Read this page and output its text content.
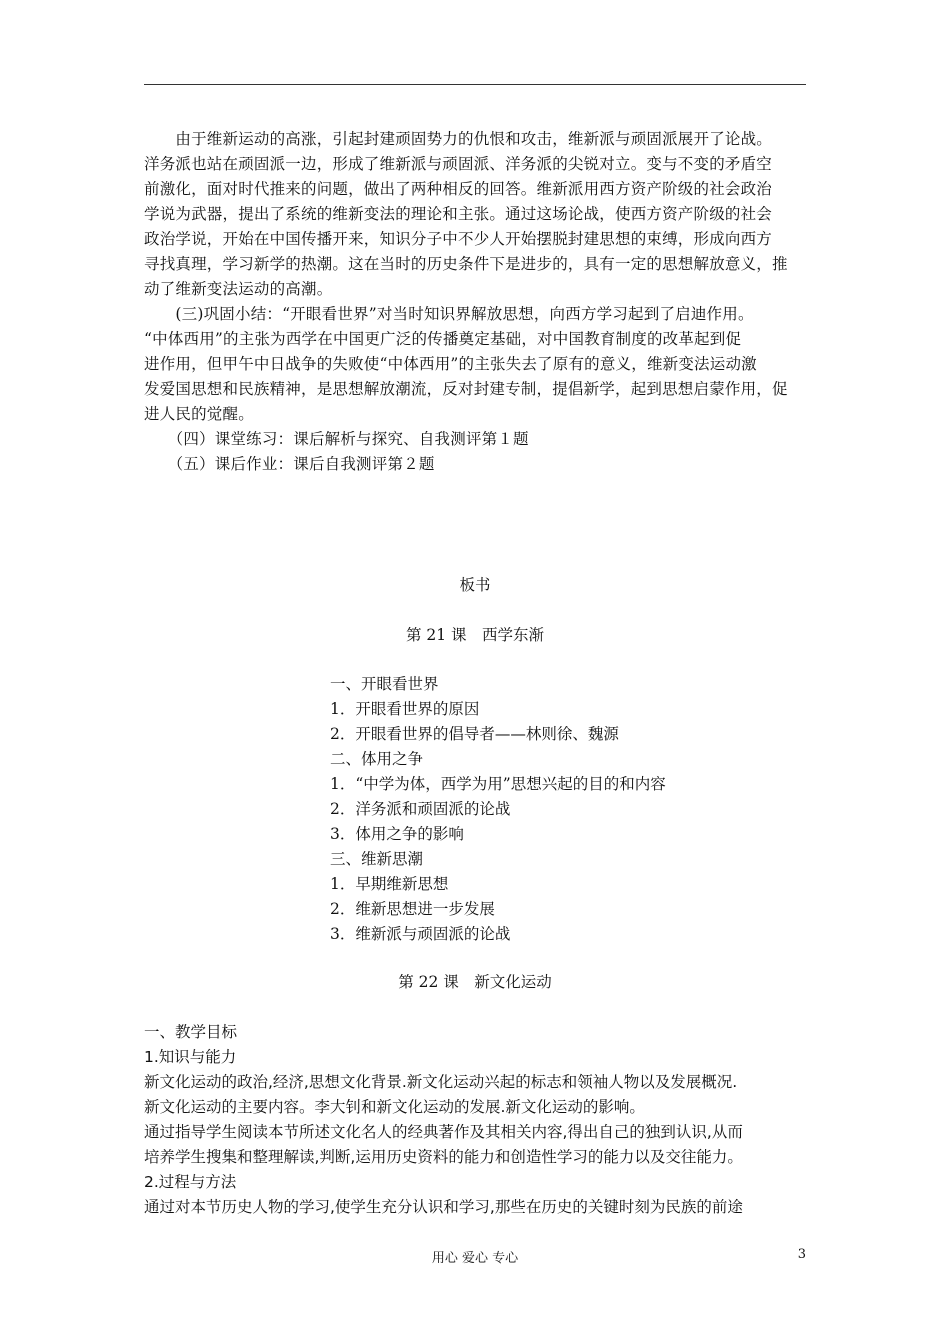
　　由于维新运动的高涨，引起封建顽固势力的仇恨和攻击，维新派与顽固派展开了论战。
洋务派也站在顽固派一边，形成了维新派与顽固派、洋务派的尖锐对立。变与不变的矛盾空
前激化，面对时代推来的问题，做出了两种相反的回答。维新派用西方资产阶级的社会政治
学说为武器，提出了系统的维新变法的理论和主张。通过这场论战，使西方资产阶级的社会
政治学说，开始在中国传播开来，知识分子中不少人开始摆脱封建思想的束缚，形成向西方
寻找真理，学习新学的热潮。这在当时的历史条件下是进步的，具有一定的思想解放意义，推
动了维新变法运动的高潮。
　　(三)巩固小结：“开眼看世界”对当时知识界解放思想，向西方学习起到了启迪作用。
“中体西用”的主张为西学在中国更广泛的传播奠定基础，对中国教育制度的改革起到促
进作用，但甲午中日战争的失败使“中体西用”的主张失去了原有的意义，维新变法运动激
发爱国思想和民族精神，是思想解放潮流，反对封建专制，提倡新学，起到思想启蒙作用，促
进人民的觉醒。
　　（四）课堂练习：课后解析与探究、自我测评第１题
　　（五）课后作业：课后自我测评第２题
板书
第 21 课　西学东渐
一、开眼看世界
1．开眼看世界的原因
2．开眼看世界的倡导者——林则徐、魏源
二、体用之争
1．“中学为体，西学为用”思想兴起的目的和内容
2．洋务派和顽固派的论战
3．体用之争的影响
三、维新思潮
1．早期维新思想
2．维新思想进一步发展
3．维新派与顽固派的论战
第 22 课　新文化运动
一、教学目标
1.知识与能力
新文化运动的政治,经济,思想文化背景.新文化运动兴起的标志和领袖人物以及发展概况.
新文化运动的主要内容。李大钊和新文化运动的发展.新文化运动的影响。
通过指导学生阅读本节所述文化名人的经典著作及其相关内容,得出自己的独到认识,从而
培养学生搜集和整理解读,判断,运用历史资料的能力和创造性学习的能力以及交往能力。
2.过程与方法
通过对本节历史人物的学习,使学生充分认识和学习,那些在历史的关键时刻为民族的前途
用心 爱心 专心	3
